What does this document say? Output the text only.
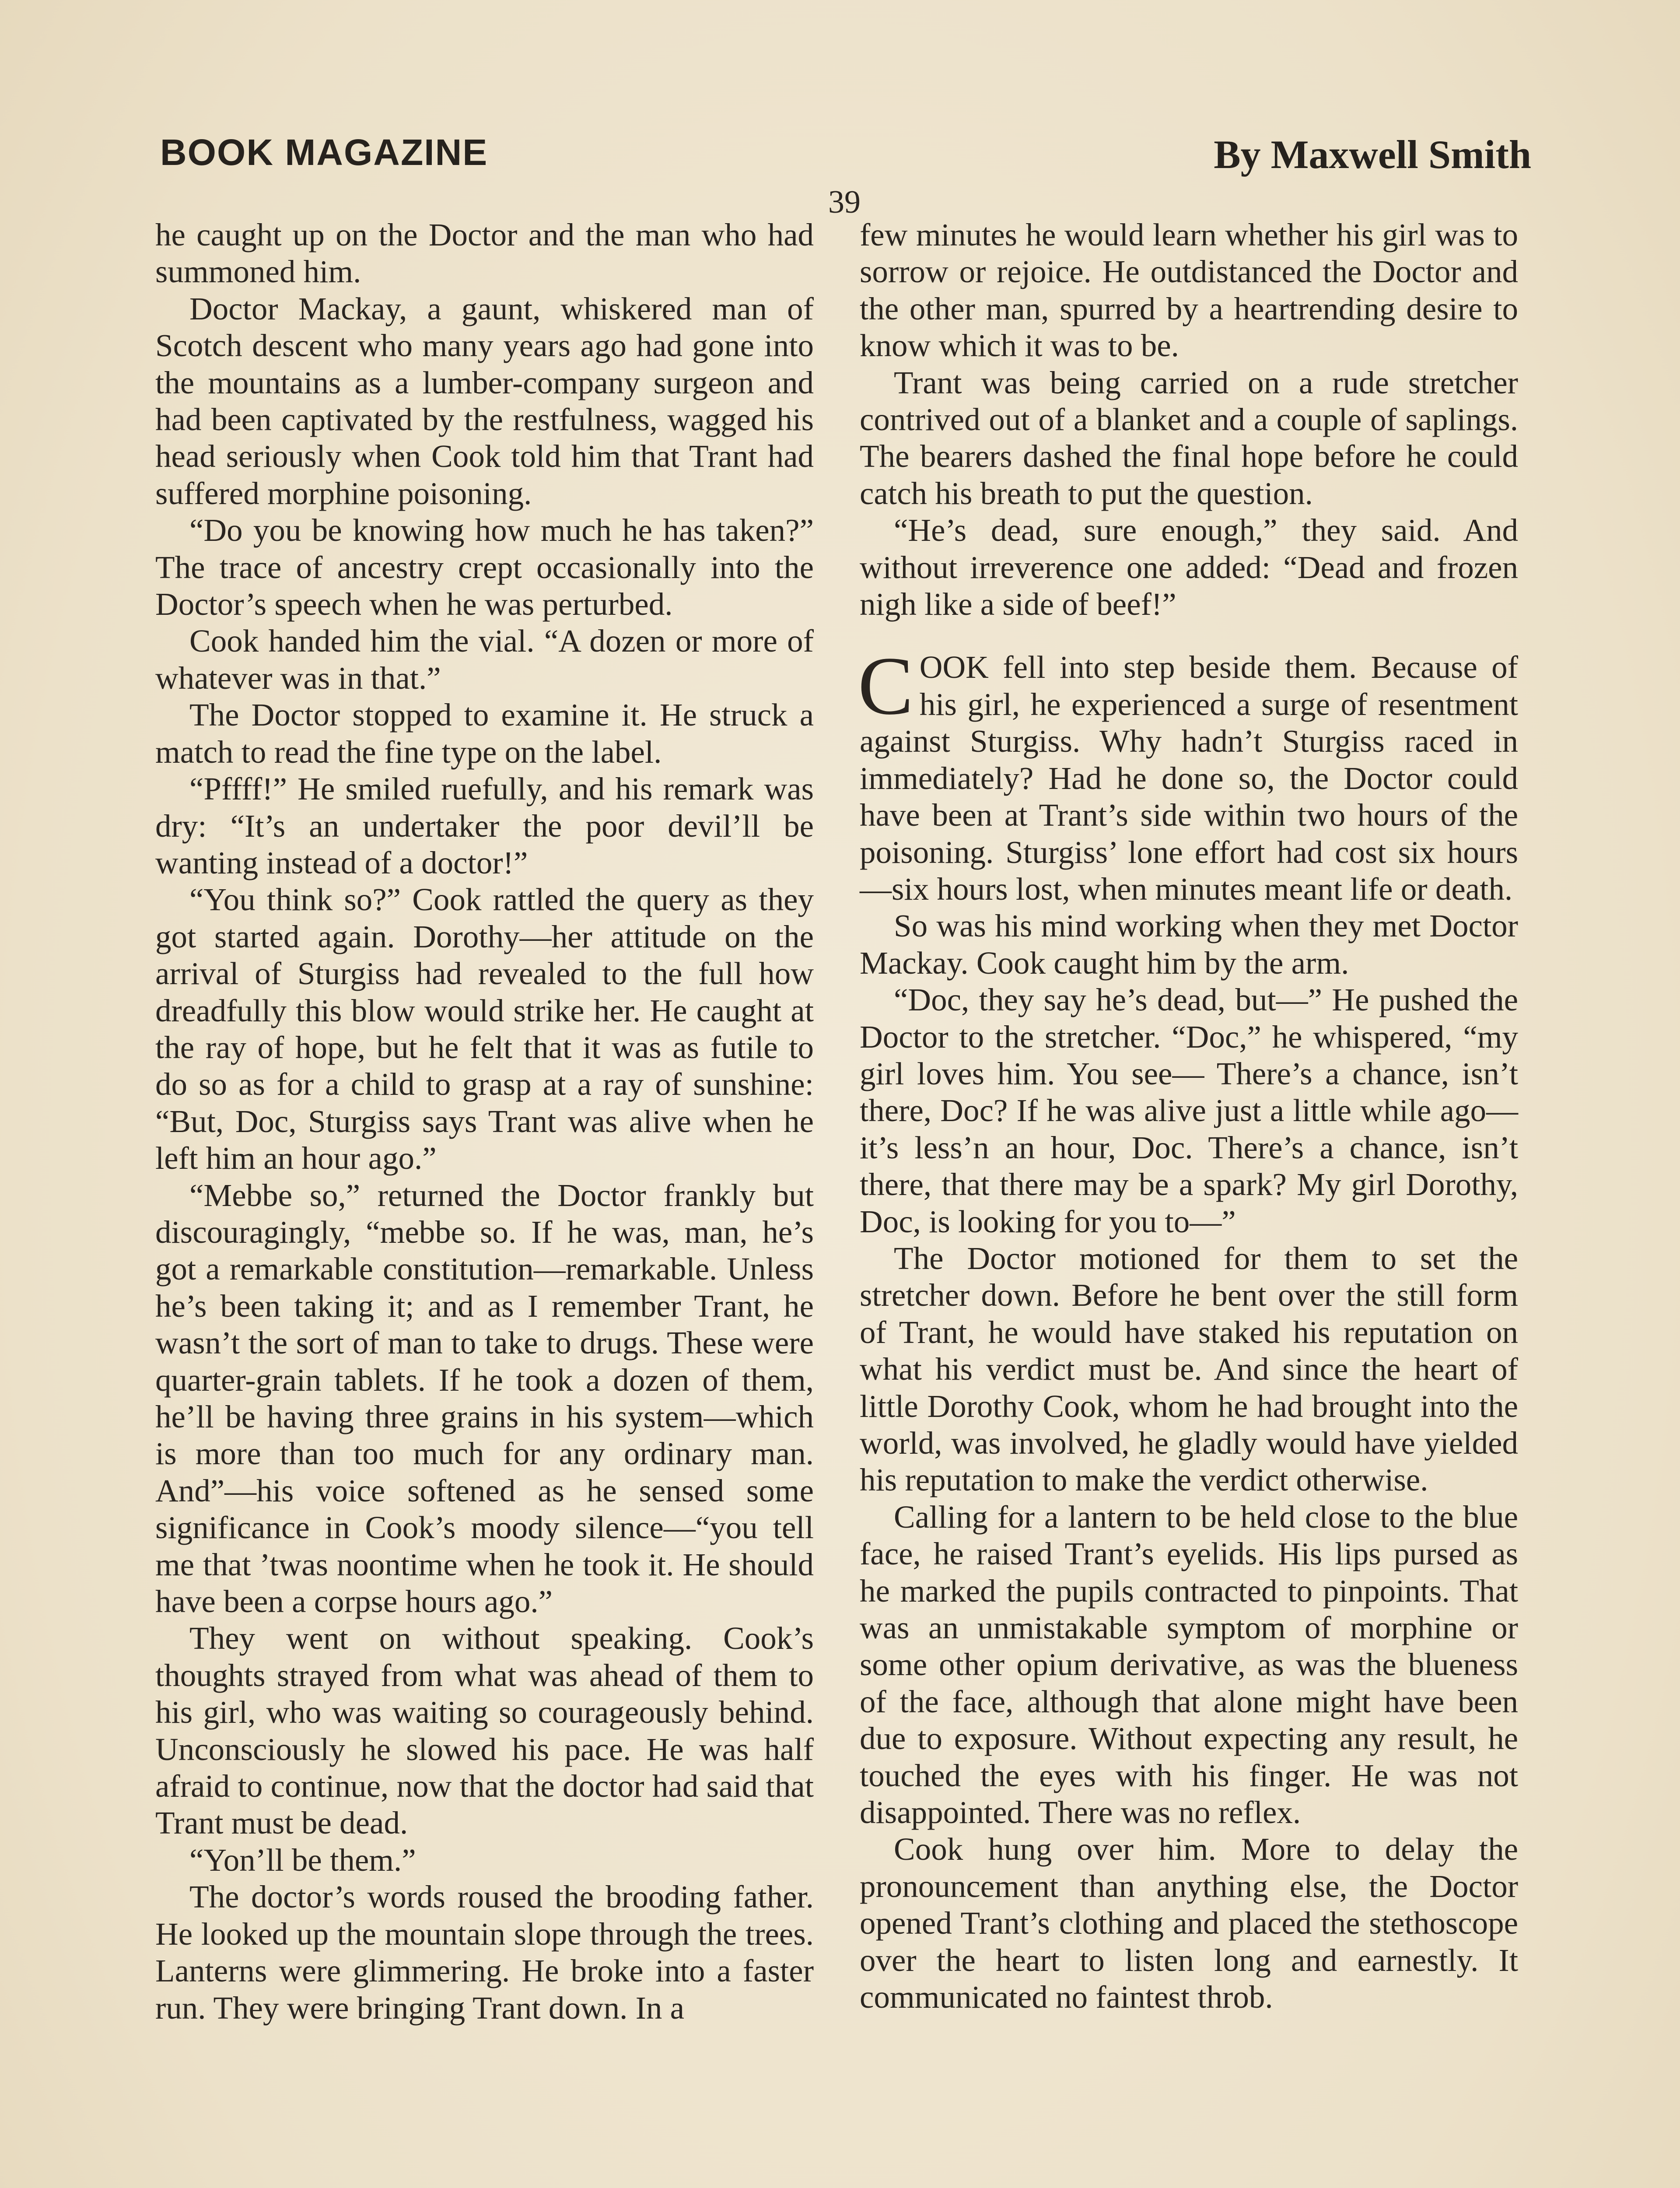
BOOK MAGAZINE	By Maxwell Smith
39

he caught up on the Doctor and the man who had summoned him.

Doctor Mackay, a gaunt, whiskered man of Scotch descent who many years ago had gone into the mountains as a lumber-company surgeon and had been captivated by the restfulness, wagged his head seriously when Cook told him that Trant had suffered morphine poisoning.

“Do you be knowing how much he has taken?” The trace of ancestry crept occasionally into the Doctor’s speech when he was perturbed.

Cook handed him the vial. “A dozen or more of whatever was in that.”

The Doctor stopped to examine it. He struck a match to read the fine type on the label.

“Pffff!” He smiled ruefully, and his remark was dry: “It’s an undertaker the poor devil’ll be wanting instead of a doctor!”

“You think so?” Cook rattled the query as they got started again. Dorothy—her attitude on the arrival of Sturgiss had revealed to the full how dreadfully this blow would strike her. He caught at the ray of hope, but he felt that it was as futile to do so as for a child to grasp at a ray of sunshine: “But, Doc, Sturgiss says Trant was alive when he left him an hour ago.”

“Mebbe so,” returned the Doctor frankly but discouragingly, “mebbe so. If he was, man, he’s got a remarkable constitution—remarkable. Unless he’s been taking it; and as I remember Trant, he wasn’t the sort of man to take to drugs. These were quarter-grain tablets. If he took a dozen of them, he’ll be having three grains in his system—which is more than too much for any ordinary man. And”—his voice softened as he sensed some significance in Cook’s moody silence—“you tell me that ’twas noontime when he took it. He should have been a corpse hours ago.”

They went on without speaking. Cook’s thoughts strayed from what was ahead of them to his girl, who was waiting so courageously behind. Unconsciously he slowed his pace. He was half afraid to continue, now that the doctor had said that Trant must be dead.

“Yon’ll be them.”

The doctor’s words roused the brooding father. He looked up the mountain slope through the trees. Lanterns were glimmering. He broke into a faster run. They were bringing Trant down. In a

few minutes he would learn whether his girl was to sorrow or rejoice. He outdistanced the Doctor and the other man, spurred by a heartrending desire to know which it was to be.

Trant was being carried on a rude stretcher contrived out of a blanket and a couple of saplings. The bearers dashed the final hope before he could catch his breath to put the question.

“He’s dead, sure enough,” they said. And without irreverence one added: “Dead and frozen nigh like a side of beef!”

COOK fell into step beside them. Because of his girl, he experienced a surge of resentment against Sturgiss. Why hadn’t Sturgiss raced in immediately? Had he done so, the Doctor could have been at Trant’s side within two hours of the poisoning. Sturgiss’ lone effort had cost six hours—six hours lost, when minutes meant life or death.

So was his mind working when they met Doctor Mackay. Cook caught him by the arm.

“Doc, they say he’s dead, but—” He pushed the Doctor to the stretcher. “Doc,” he whispered, “my girl loves him. You see— There’s a chance, isn’t there, Doc? If he was alive just a little while ago—it’s less’n an hour, Doc. There’s a chance, isn’t there, that there may be a spark? My girl Dorothy, Doc, is looking for you to—”

The Doctor motioned for them to set the stretcher down. Before he bent over the still form of Trant, he would have staked his reputation on what his verdict must be. And since the heart of little Dorothy Cook, whom he had brought into the world, was involved, he gladly would have yielded his reputation to make the verdict otherwise.

Calling for a lantern to be held close to the blue face, he raised Trant’s eyelids. His lips pursed as he marked the pupils contracted to pinpoints. That was an unmistakable symptom of morphine or some other opium derivative, as was the blueness of the face, although that alone might have been due to exposure. Without expecting any result, he touched the eyes with his finger. He was not disappointed. There was no reflex.

Cook hung over him. More to delay the pronouncement than anything else, the Doctor opened Trant’s clothing and placed the stethoscope over the heart to listen long and earnestly. It communicated no faintest throb.
